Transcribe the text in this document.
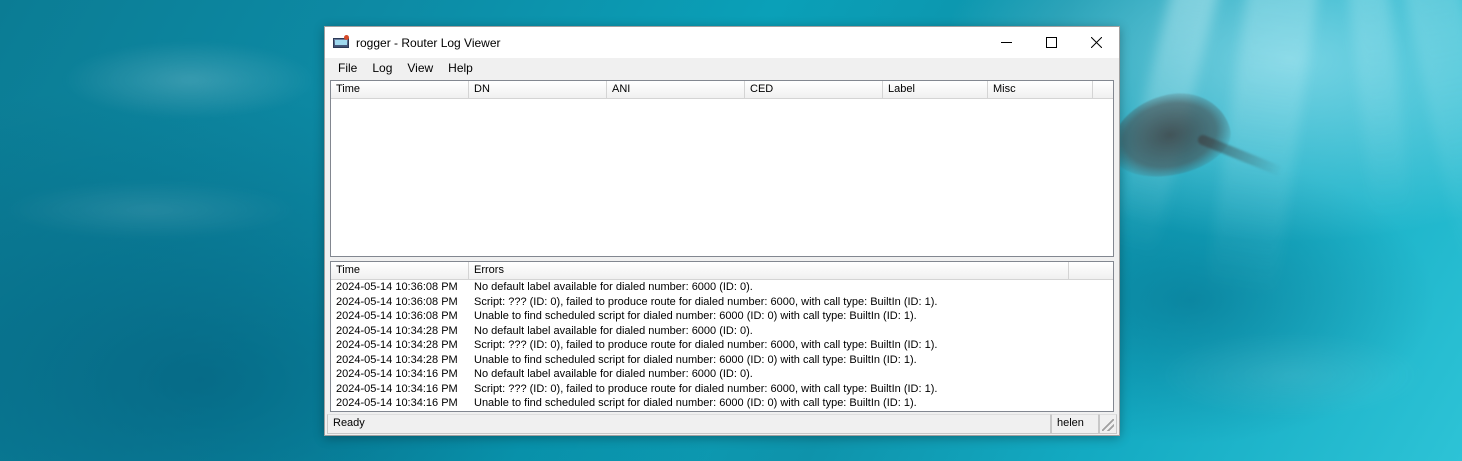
rogger - Router Log Viewer
File	Log	View	Help
Time	DN	ANI	CED	Label	Misc
Time	Errors
2024-05-14 10:36:08 PM	No default label available for dialed number: 6000 (ID: 0).
2024-05-14 10:36:08 PM	Script: ??? (ID: 0), failed to produce route for dialed number: 6000, with call type: BuiltIn (ID: 1).
2024-05-14 10:36:08 PM	Unable to find scheduled script for dialed number: 6000 (ID: 0) with call type: BuiltIn (ID: 1).
2024-05-14 10:34:28 PM	No default label available for dialed number: 6000 (ID: 0).
2024-05-14 10:34:28 PM	Script: ??? (ID: 0), failed to produce route for dialed number: 6000, with call type: BuiltIn (ID: 1).
2024-05-14 10:34:28 PM	Unable to find scheduled script for dialed number: 6000 (ID: 0) with call type: BuiltIn (ID: 1).
2024-05-14 10:34:16 PM	No default label available for dialed number: 6000 (ID: 0).
2024-05-14 10:34:16 PM	Script: ??? (ID: 0), failed to produce route for dialed number: 6000, with call type: BuiltIn (ID: 1).
2024-05-14 10:34:16 PM	Unable to find scheduled script for dialed number: 6000 (ID: 0) with call type: BuiltIn (ID: 1).
Ready	helen
